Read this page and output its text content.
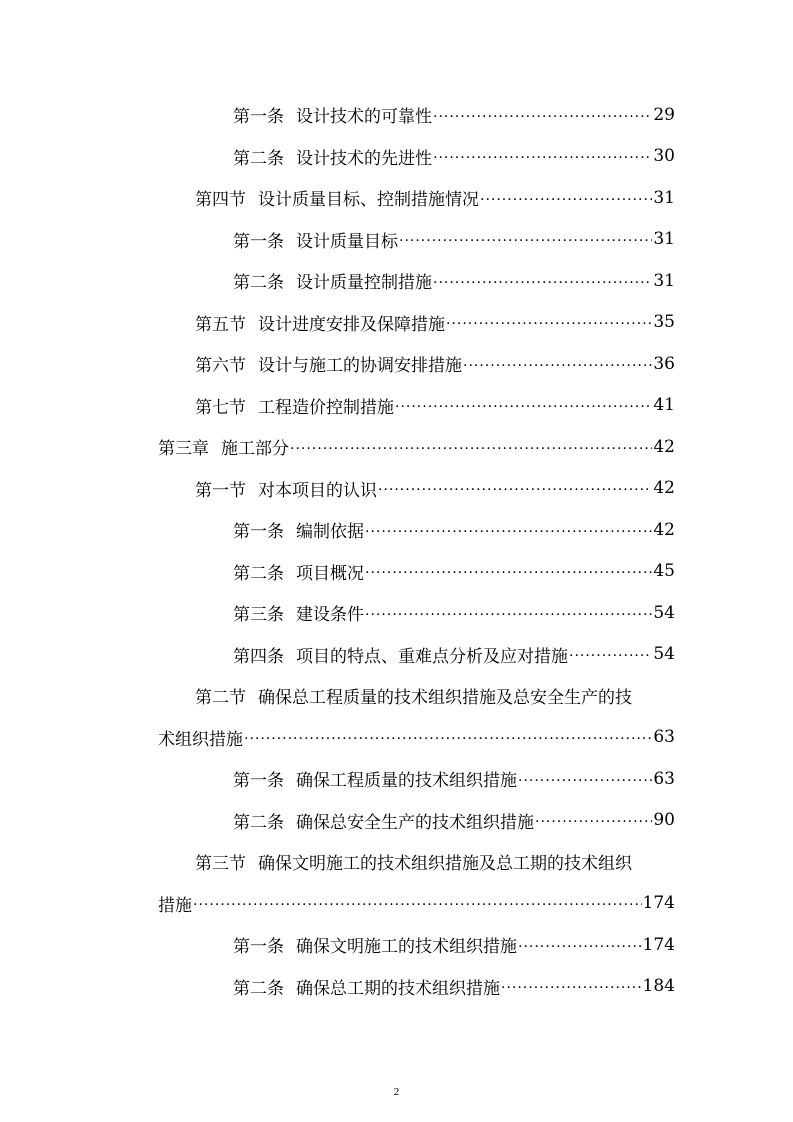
第一条 设计技术的可靠性 .....	29
第二条 设计技术的先进性 .....	30
第四节 设计质量目标、控制措施情况 .....	31
第一条 设计质量目标 .....	31
第二条 设计质量控制措施 .....	31
第五节 设计进度安排及保障措施 .....	35
第六节 设计与施工的协调安排措施 .....	36
第七节 工程造价控制措施 .....	41
第三章 施工部分 .....	42
第一节 对本项目的认识 .....	42
第一条 编制依据 .....	42
第二条 项目概况 .....	45
第三条 建设条件 .....	54
第四条 项目的特点、重难点分析及应对措施 .....	54
第二节 确保总工程质量的技术组织措施及总安全生产的技
术组织措施 .....	63
第一条 确保工程质量的技术组织措施 .....	63
第二条 确保总安全生产的技术组织措施 .....	90
第三节 确保文明施工的技术组织措施及总工期的技术组织
措施 .....	174
第一条 确保文明施工的技术组织措施 .....	174
第二条 确保总工期的技术组织措施 .....	184
2
